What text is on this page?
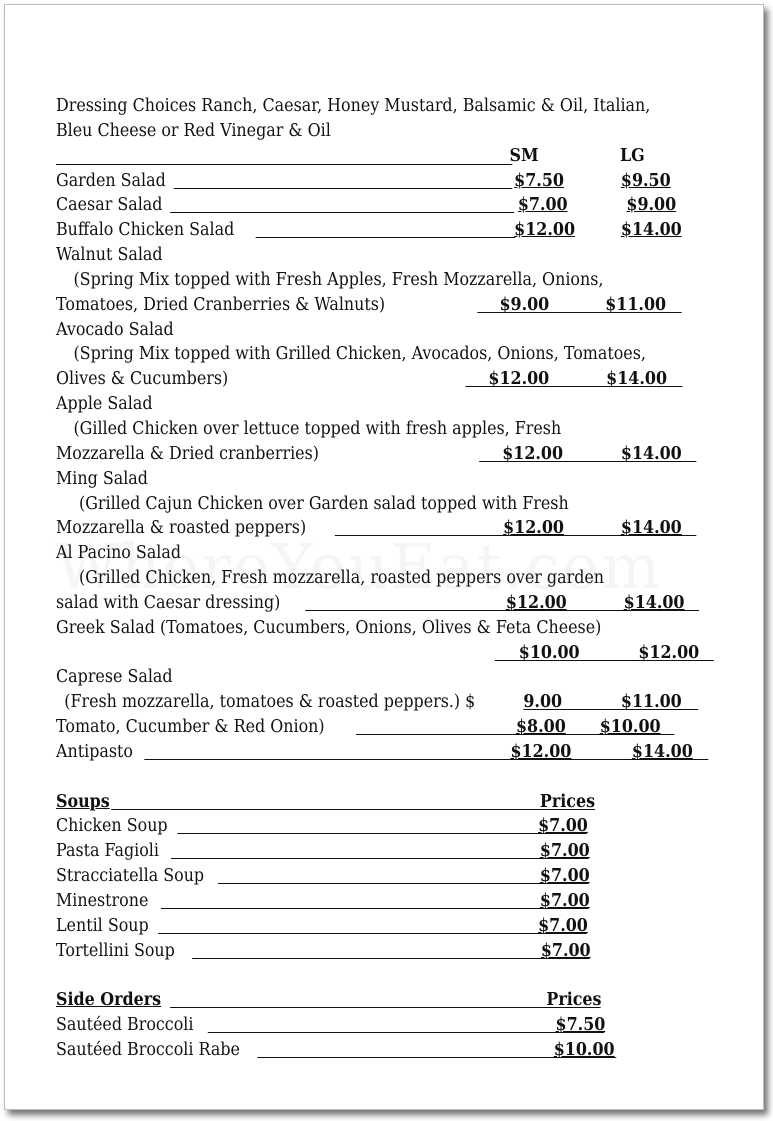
Dressing Choices Ranch, Caesar, Honey Mustard, Balsamic & Oil, Italian,
Bleu Cheese or Red Vinegar & Oil
SM	LG
Garden Salad	$7.50	$9.50
Caesar Salad	$7.00	$9.00
Buffalo Chicken Salad	$12.00	$14.00
Walnut Salad
(Spring Mix topped with Fresh Apples, Fresh Mozzarella, Onions,
Tomatoes, Dried Cranberries & Walnuts)	$9.00	$11.00
Avocado Salad
(Spring Mix topped with Grilled Chicken, Avocados, Onions, Tomatoes,
Olives & Cucumbers)	$12.00	$14.00
Apple Salad
(Gilled Chicken over lettuce topped with fresh apples, Fresh
Mozzarella & Dried cranberries)	$12.00	$14.00
Ming Salad
(Grilled Cajun Chicken over Garden salad topped with Fresh
Mozzarella & roasted peppers)	$12.00	$14.00
Al Pacino Salad
(Grilled Chicken, Fresh mozzarella, roasted peppers over garden
salad with Caesar dressing)	$12.00	$14.00
Greek Salad (Tomatoes, Cucumbers, Onions, Olives & Feta Cheese)
$10.00	$12.00
Caprese Salad
(Fresh mozzarella, tomatoes & roasted peppers.) $	9.00	$11.00
Tomato, Cucumber & Red Onion)	$8.00 $10.00
Antipasto	$12.00	$14.00
Soups	Prices
Chicken Soup	$7.00
Pasta Fagioli	$7.00
Stracciatella Soup	$7.00
Minestrone	$7.00
Lentil Soup	$7.00
Tortellini Soup	$7.00
Side Orders	Prices
Sautéed Broccoli	$7.50
Sautéed Broccoli Rabe	$10.00
